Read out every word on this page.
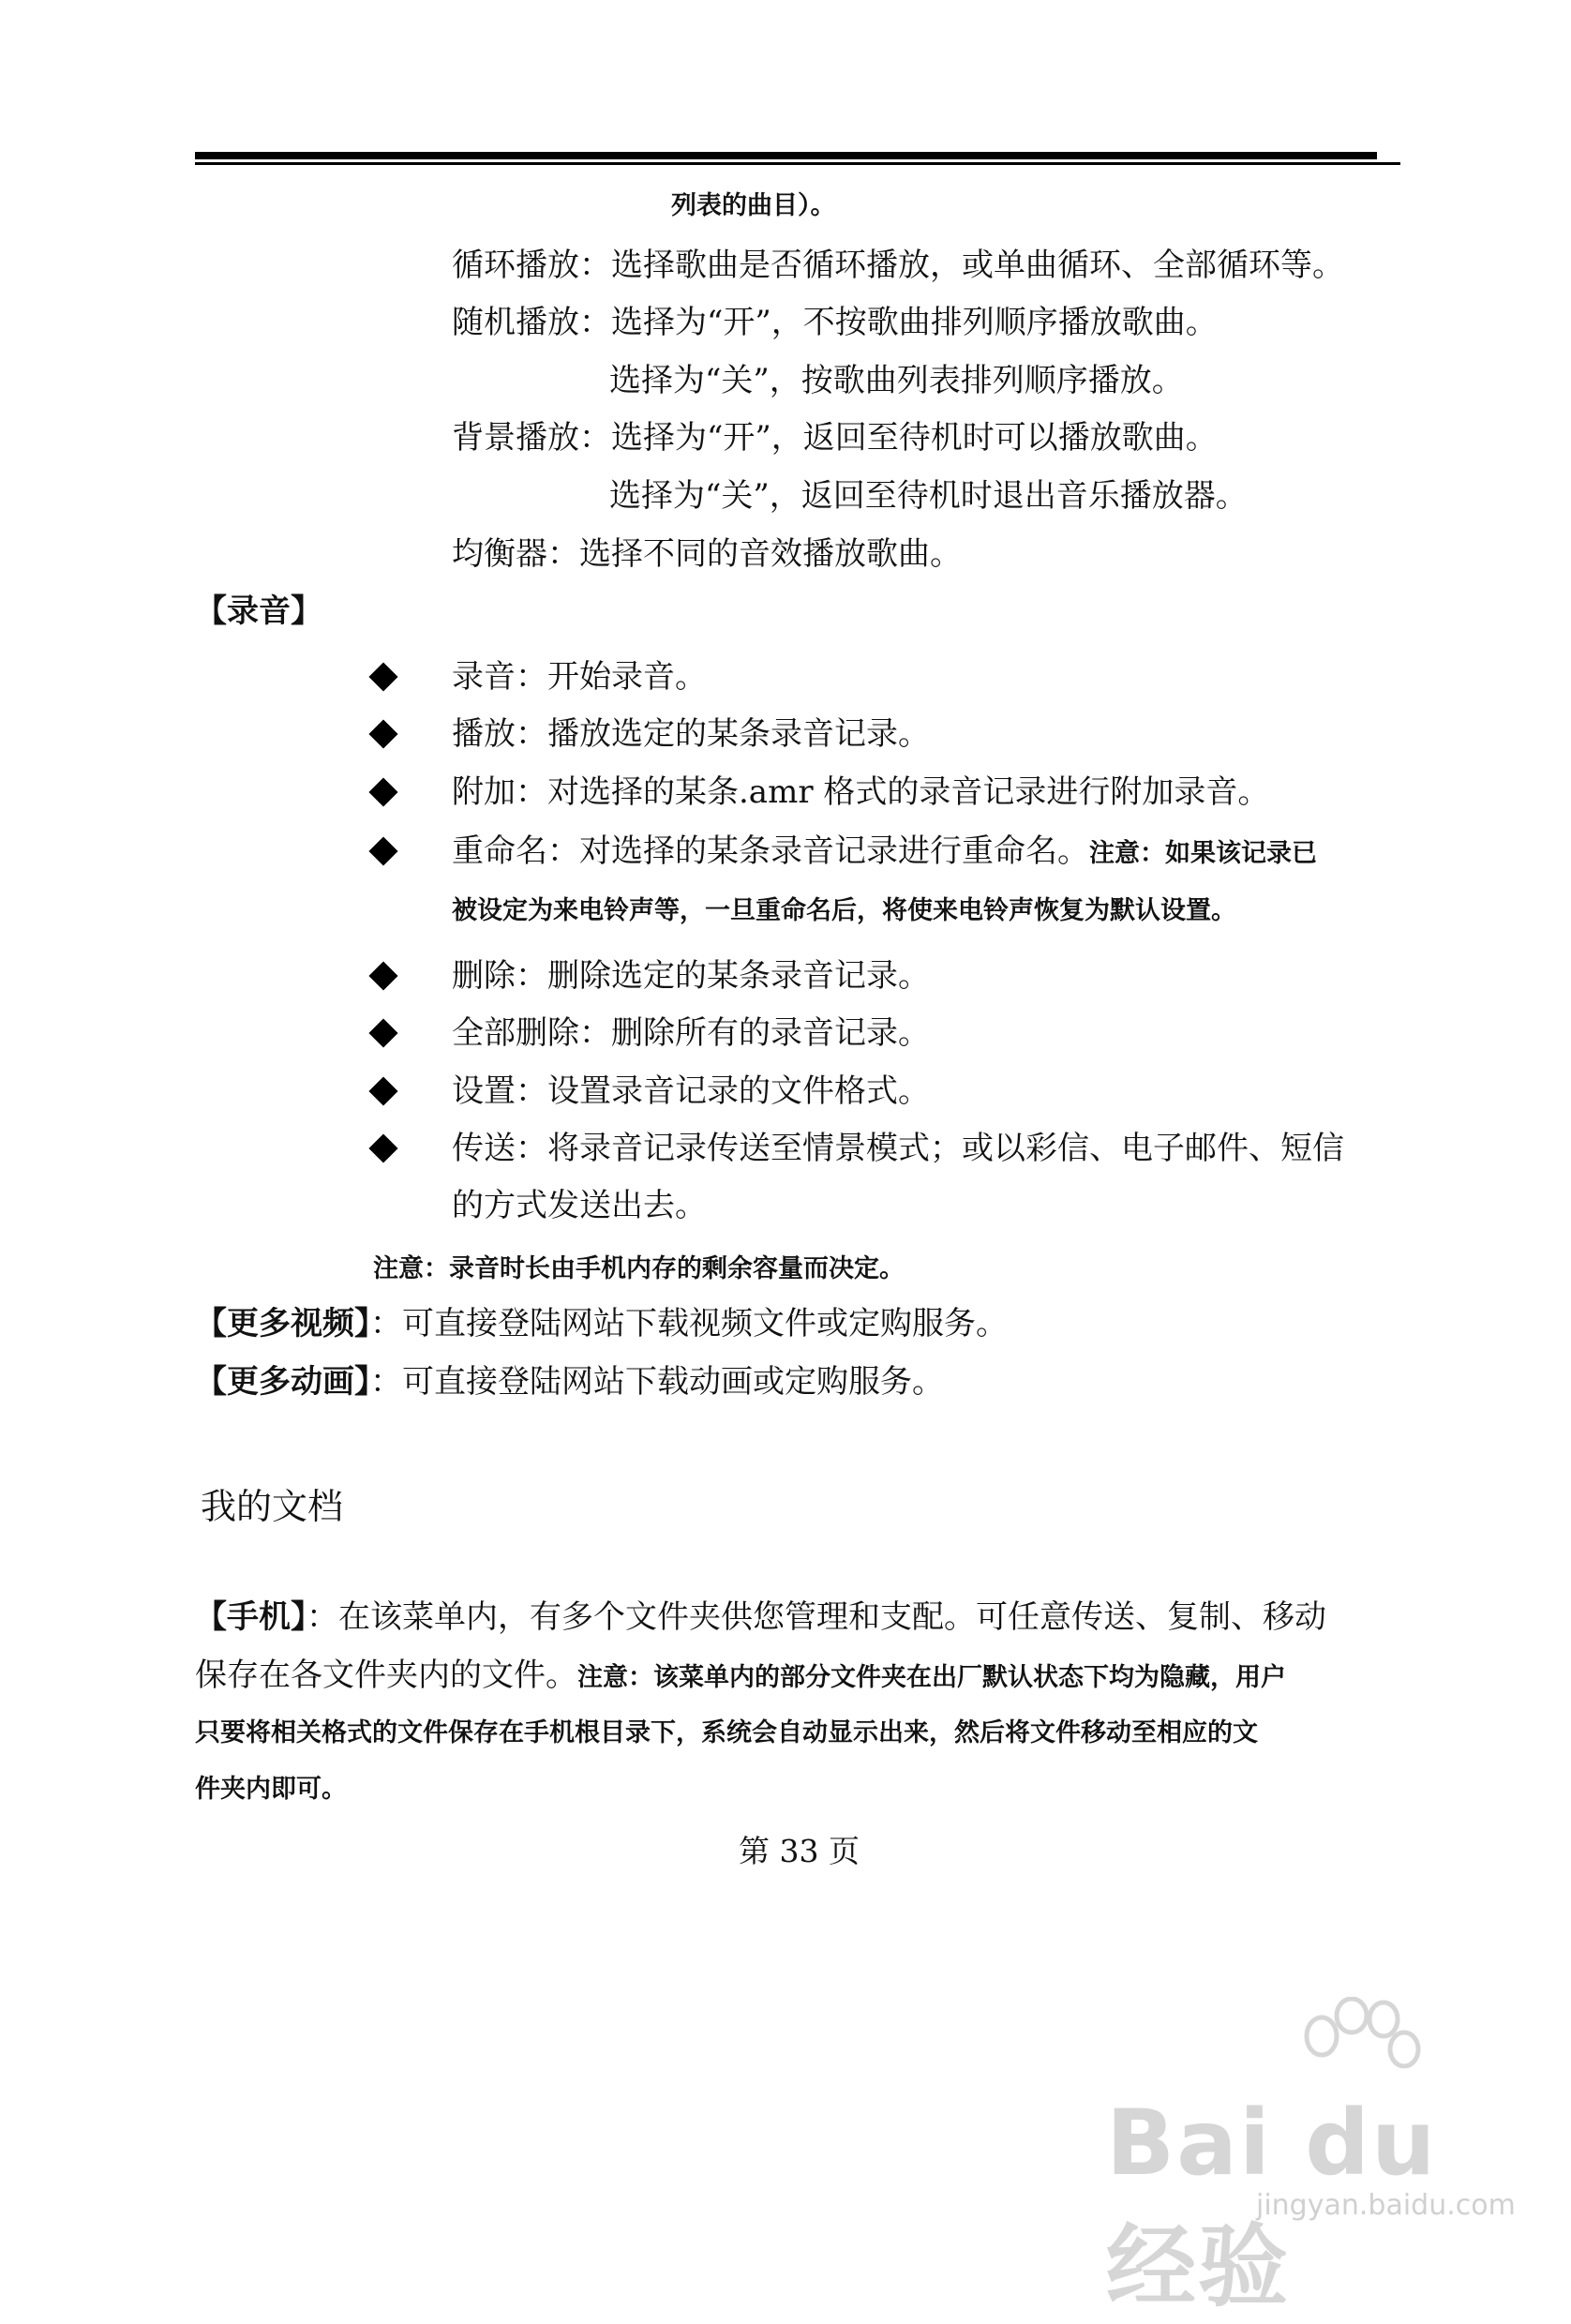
列表的曲目）。
循环播放：选择歌曲是否循环播放，或单曲循环、全部循环等。
随机播放：选择为“开”，不按歌曲排列顺序播放歌曲。
选择为“关”，按歌曲列表排列顺序播放。
背景播放：选择为“开”，返回至待机时可以播放歌曲。
选择为“关”，返回至待机时退出音乐播放器。
均衡器：选择不同的音效播放歌曲。
【录音】
录音：开始录音。
播放：播放选定的某条录音记录。
附加：对选择的某条.amr 格式的录音记录进行附加录音。
重命名：对选择的某条录音记录进行重命名。注意：如果该记录已
被设定为来电铃声等，一旦重命名后，将使来电铃声恢复为默认设置。
删除：删除选定的某条录音记录。
全部删除：删除所有的录音记录。
设置：设置录音记录的文件格式。
传送：将录音记录传送至情景模式；或以彩信、电子邮件、短信
的方式发送出去。
注意：录音时长由手机内存的剩余容量而决定。
【更多视频】：可直接登陆网站下载视频文件或定购服务。
【更多动画】：可直接登陆网站下载动画或定购服务。
我的文档
【手机】：在该菜单内，有多个文件夹供您管理和支配。可任意传送、复制、移动
保存在各文件夹内的文件。注意：该菜单内的部分文件夹在出厂默认状态下均为隐藏，用户
只要将相关格式的文件保存在手机根目录下，系统会自动显示出来，然后将文件移动至相应的文
件夹内即可。
第 33 页
Bai du 经验
jingyan.baidu.com
